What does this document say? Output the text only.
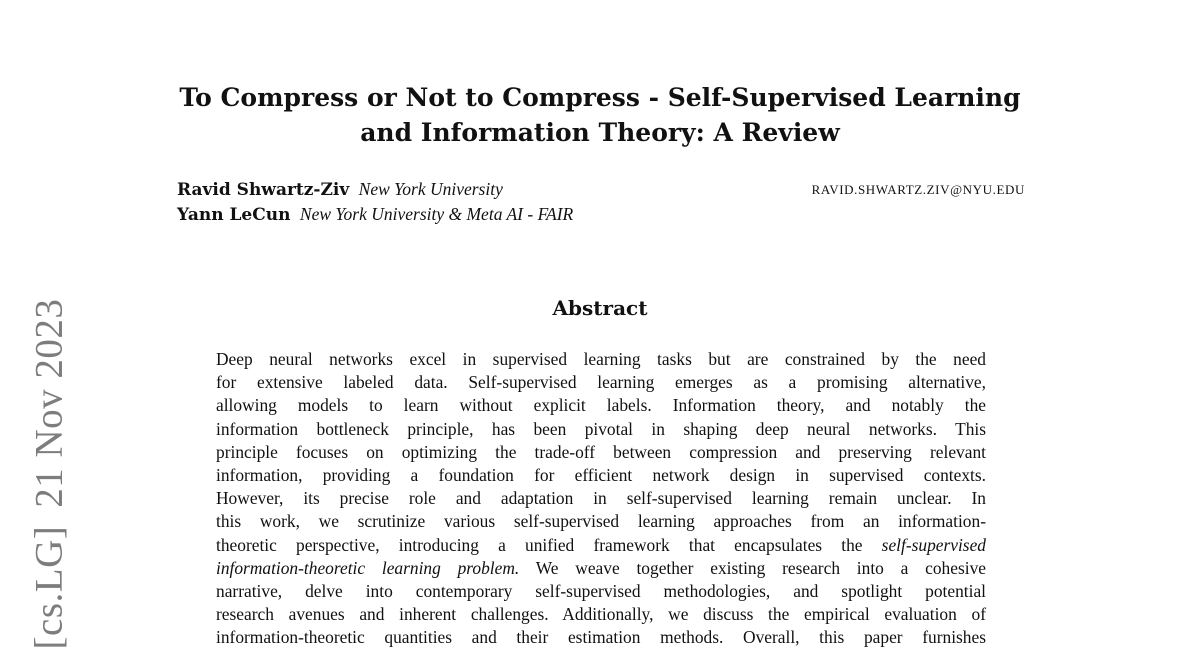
[cs.LG]21 Nov 2023
To Compress or Not to Compress - Self-Supervised Learning
and Information Theory: A Review
Ravid Shwartz-Ziv New York University	RAVID.SHWARTZ.ZIV@NYU.EDU
Yann LeCun New York University & Meta AI - FAIR
Abstract
Deep neural networks excel in supervised learning tasks but are constrained by the need
for extensive labeled data. Self-supervised learning emerges as a promising alternative,
allowing models to learn without explicit labels. Information theory, and notably the
information bottleneck principle, has been pivotal in shaping deep neural networks. This
principle focuses on optimizing the trade-off between compression and preserving relevant
information, providing a foundation for efficient network design in supervised contexts.
However, its precise role and adaptation in self-supervised learning remain unclear. In
this work, we scrutinize various self-supervised learning approaches from an information-
theoretic perspective, introducing a unified framework that encapsulates the self-supervised
information-theoretic learning problem. We weave together existing research into a cohesive
narrative, delve into contemporary self-supervised methodologies, and spotlight potential
research avenues and inherent challenges. Additionally, we discuss the empirical evaluation of
information-theoretic quantities and their estimation methods. Overall, this paper furnishes
